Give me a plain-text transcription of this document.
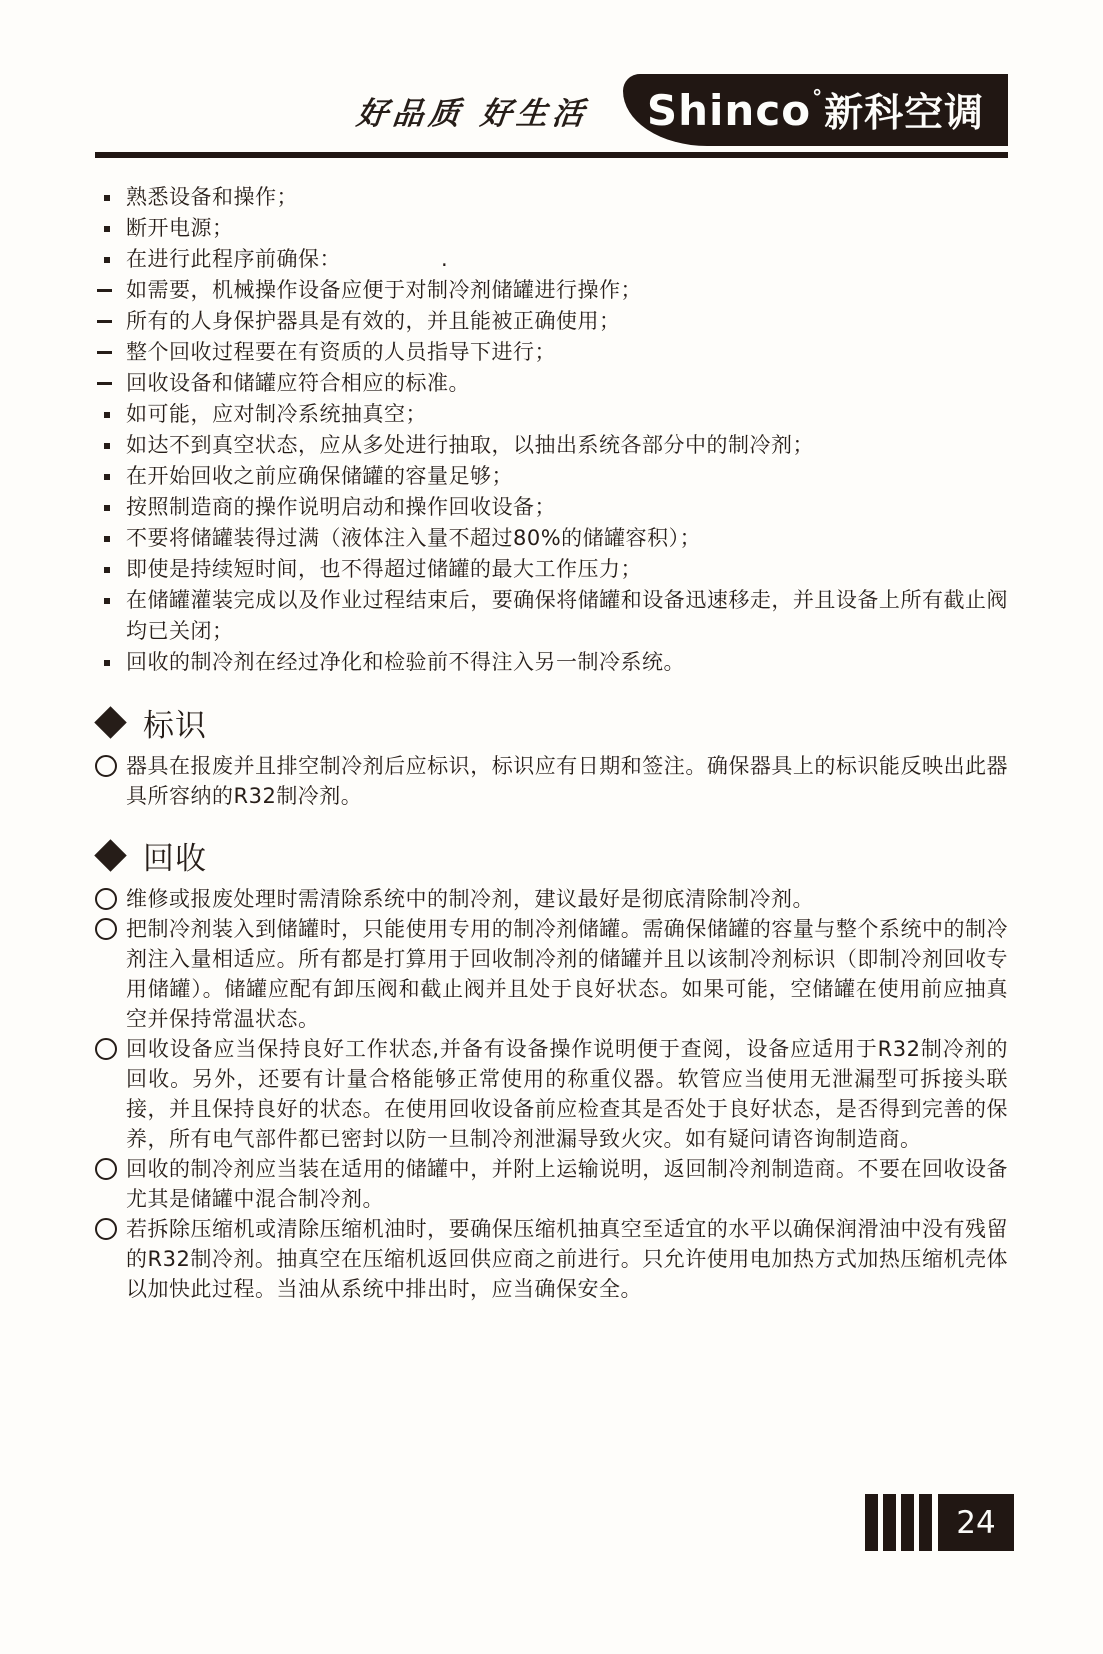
好品质 好生活 Shinco ° 新科空调
熟悉设备和操作；
断开电源；
在进行此程序前确保：	.
如需要，机械操作设备应便于对制冷剂储罐进行操作；
所有的人身保护器具是有效的，并且能被正确使用；
整个回收过程要在有资质的人员指导下进行；
回收设备和储罐应符合相应的标准。
如可能，应对制冷系统抽真空；
如达不到真空状态，应从多处进行抽取，以抽出系统各部分中的制冷剂；
在开始回收之前应确保储罐的容量足够；
按照制造商的操作说明启动和操作回收设备；
不要将储罐装得过满（液体注入量不超过80%的储罐容积）；
即使是持续短时间，也不得超过储罐的最大工作压力；
在储罐灌装完成以及作业过程结束后，要确保将储罐和设备迅速移走，并且设备上所有截止阀均已关闭；
回收的制冷剂在经过净化和检验前不得注入另一制冷系统。
标识
器具在报废并且排空制冷剂后应标识，标识应有日期和签注。确保器具上的标识能反映出此器具所容纳的R32制冷剂。
回收
维修或报废处理时需清除系统中的制冷剂，建议最好是彻底清除制冷剂。
把制冷剂装入到储罐时，只能使用专用的制冷剂储罐。需确保储罐的容量与整个系统中的制冷剂注入量相适应。所有都是打算用于回收制冷剂的储罐并且以该制冷剂标识（即制冷剂回收专用储罐）。储罐应配有卸压阀和截止阀并且处于良好状态。如果可能，空储罐在使用前应抽真空并保持常温状态。
回收设备应当保持良好工作状态,并备有设备操作说明便于查阅，设备应适用于R32制冷剂的回收。另外，还要有计量合格能够正常使用的称重仪器。软管应当使用无泄漏型可拆接头联接，并且保持良好的状态。在使用回收设备前应检查其是否处于良好状态，是否得到完善的保养，所有电气部件都已密封以防一旦制冷剂泄漏导致火灾。如有疑问请咨询制造商。
回收的制冷剂应当装在适用的储罐中，并附上运输说明，返回制冷剂制造商。不要在回收设备尤其是储罐中混合制冷剂。
若拆除压缩机或清除压缩机油时，要确保压缩机抽真空至适宜的水平以确保润滑油中没有残留的R32制冷剂。抽真空在压缩机返回供应商之前进行。只允许使用电加热方式加热压缩机壳体以加快此过程。当油从系统中排出时，应当确保安全。
24
